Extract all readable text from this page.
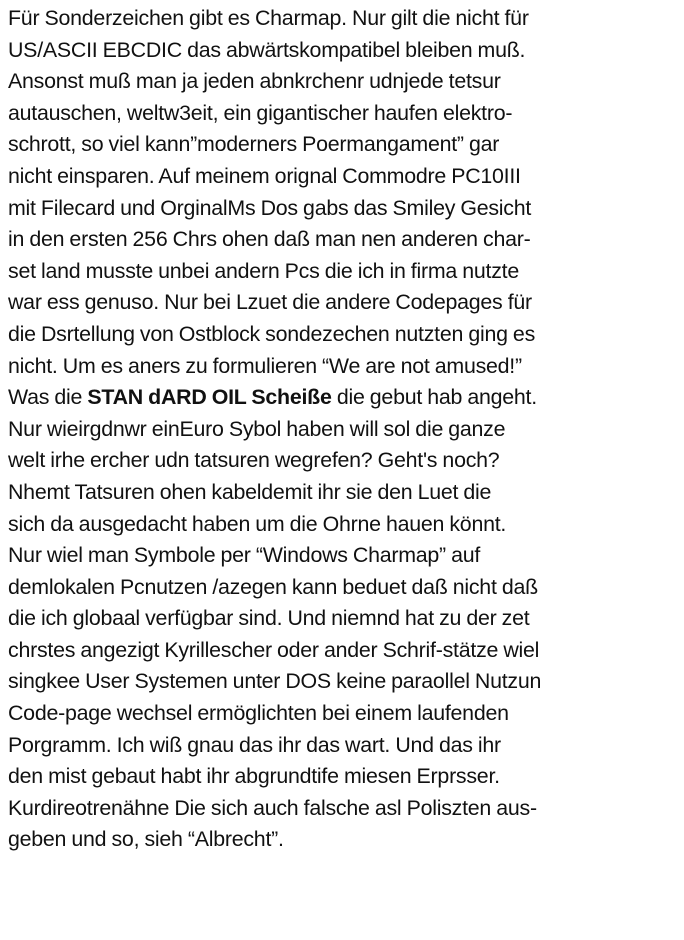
Für Sonderzeichen gibt es Charmap. Nur gilt die nicht für
US/ASCII EBCDIC das abwärtskompatibel bleiben muß.
Ansonst muß man ja jeden abnkrchenr udnjede tetsur
autauschen, weltw3eit, ein gigantischer haufen elektro-
schrott, so viel kann”moderners Poermangament” gar
nicht einsparen. Auf meinem orignal Commodre PC10III
mit Filecard und OrginalMs Dos gabs das Smiley Gesicht
in den ersten 256 Chrs ohen daß man nen anderen char-
set land musste unbei andern Pcs die ich in firma nutzte
war ess genuso. Nur bei Lzuet die andere Codepages für
die Dsrtellung von Ostblock sondezechen nutzten ging es
nicht. Um es aners zu formulieren “We are not amused!”
Was die STAN dARD OIL Scheiße die gebut hab angeht.
Nur wieirgdnwr einEuro Sybol haben will sol die ganze
welt irhe ercher udn tatsuren wegrefen? Geht's noch?
Nhemt Tatsuren ohen kabeldemit ihr sie den Luet die
sich da ausgedacht haben um die Ohrne hauen könnt.
Nur wiel man Symbole per “Windows Charmap” auf
demlokalen Pcnutzen /azegen kann beduet daß nicht daß
die ich globaal verfügbar sind. Und niemnd hat zu der zet
chrstes angezigt Kyrillescher oder ander Schrif-stätze wiel
singkee User Systemen unter DOS keine paraollel Nutzun
Code-page wechsel ermöglichten bei einem laufenden
Porgramm. Ich wiß gnau das ihr das wart. Und das ihr
den mist gebaut habt ihr abgrundtife miesen Erprsser.
Kurdireotrenähne Die sich auch falsche asl Poliszten aus-
geben und so, sieh “Albrecht”.
